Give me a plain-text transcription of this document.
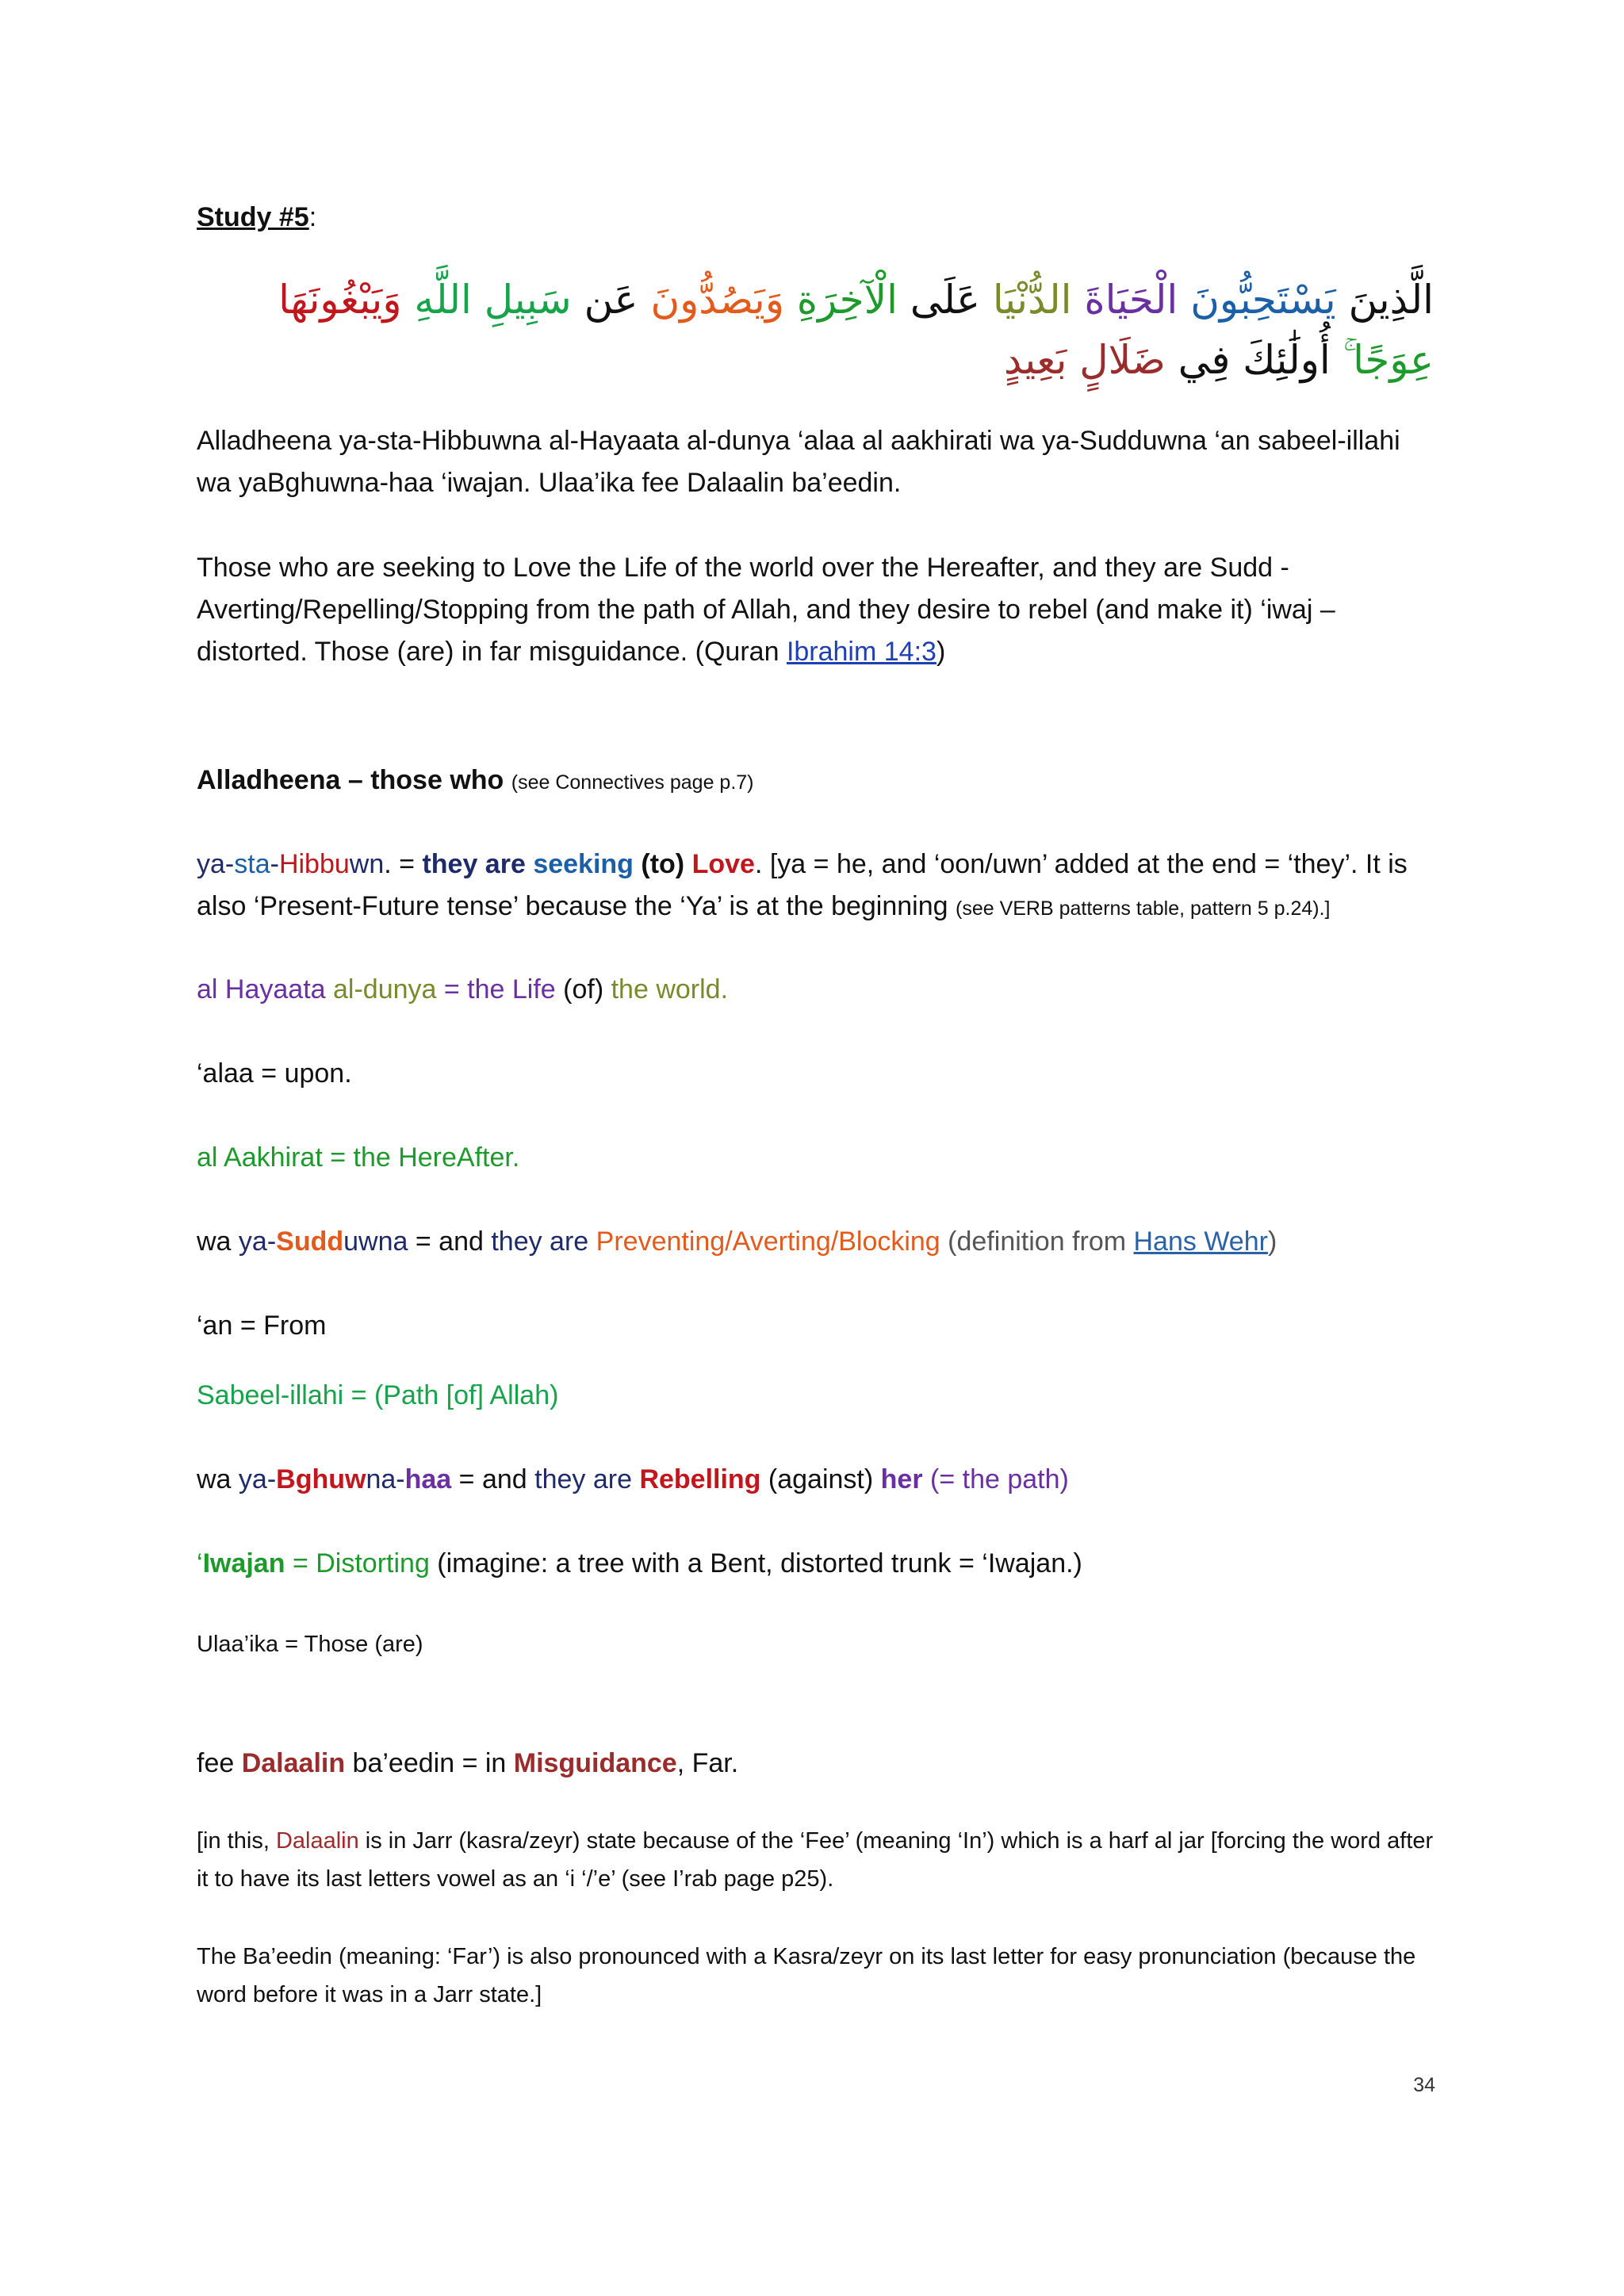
Study #5:
الَّذِينَ يَسْتَحِبُّونَ الْحَيَاةَ الدُّنْيَا عَلَى الْآخِرَةِ وَيَصُدُّونَ عَن سَبِيلِ اللَّهِ وَيَبْغُونَهَا عِوَجًا ۚ أُولَٰئِكَ فِي ضَلَالٍ بَعِيدٍ
Alladheena ya-sta-Hibbuwna al-Hayaata al-dunya ‘alaa al aakhirati wa ya-Sudduwna ‘an sabeel-illahi wa yaBghuwna-haa ‘iwajan. Ulaa’ika fee Dalaalin ba’eedin.
Those who are seeking to Love the Life of the world over the Hereafter, and they are Sudd - Averting/Repelling/Stopping from the path of Allah, and they desire to rebel (and make it) ‘iwaj – distorted. Those (are) in far misguidance. (Quran Ibrahim 14:3)
Alladheena – those who (see Connectives page p.7)
ya-sta-Hibbuwn. = they are seeking (to) Love. [ya = he, and ‘oon/uwn’ added at the end = ‘they’. It is also ‘Present-Future tense’ because the ‘Ya’ is at the beginning (see VERB patterns table, pattern 5 p.24).]
al Hayaata al-dunya = the Life (of) the world.
‘alaa = upon.
al Aakhirat = the HereAfter.
wa ya-Sudduwna = and they are Preventing/Averting/Blocking (definition from Hans Wehr)
‘an = From
Sabeel-illahi = (Path [of] Allah)
wa ya-Bghuwna-haa = and they are Rebelling (against) her (= the path)
‘Iwajan = Distorting (imagine: a tree with a Bent, distorted trunk = ‘Iwajan.)
Ulaa’ika = Those (are)
fee Dalaalin ba’eedin = in Misguidance, Far.
[in this, Dalaalin is in Jarr (kasra/zeyr) state because of the ‘Fee’ (meaning ‘In’) which is a harf al jar [forcing the word after it to have its last letters vowel as an ‘i ‘/’e’ (see I’rab page p25).
The Ba’eedin (meaning: ‘Far’) is also pronounced with a Kasra/zeyr on its last letter for easy pronunciation (because the word before it was in a Jarr state.]
34
